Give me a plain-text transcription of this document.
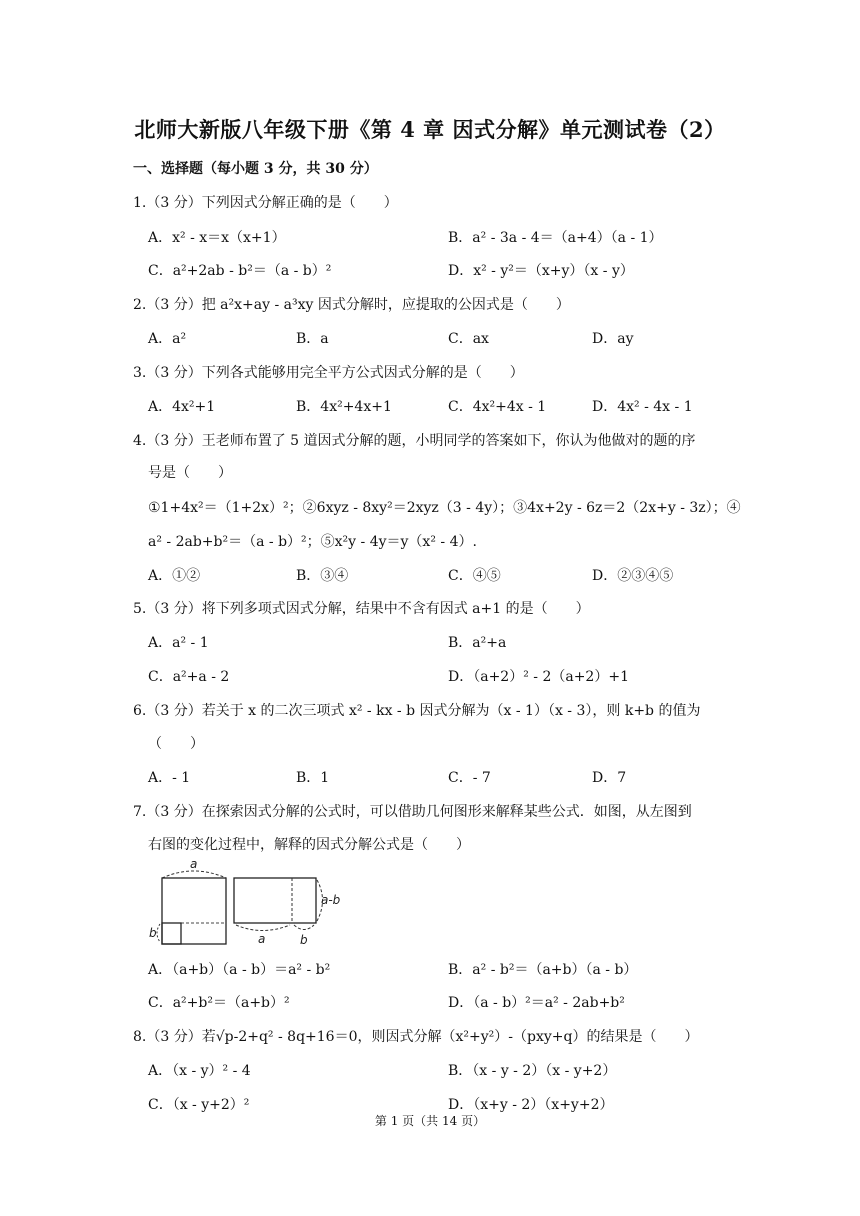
北师大新版八年级下册《第 4 章 因式分解》单元测试卷（2）
一、选择题（每小题 3 分，共 30 分）
1.（3 分）下列因式分解正确的是（　　）
A．x² - x＝x（x+1）	B．a² - 3a - 4＝（a+4）（a - 1）
C．a²+2ab - b²＝（a - b）²	D．x² - y²＝（x+y）（x - y）
2.（3 分）把 a²x+ay - a³xy 因式分解时，应提取的公因式是（　　）
A．a²	B．a	C．ax	D．ay
3.（3 分）下列各式能够用完全平方公式因式分解的是（　　）
A．4x²+1	B．4x²+4x+1	C．4x²+4x - 1	D．4x² - 4x - 1
4.（3 分）王老师布置了 5 道因式分解的题，小明同学的答案如下，你认为他做对的题的序
号是（　　）
①1+4x²＝（1+2x）²；②6xyz - 8xy²＝2xyz（3 - 4y）；③4x+2y - 6z＝2（2x+y - 3z）；④
a² - 2ab+b²＝（a - b）²；⑤x²y - 4y＝y（x² - 4）.
A．①②	B．③④	C．④⑤	D．②③④⑤
5.（3 分）将下列多项式因式分解，结果中不含有因式 a+1 的是（　　）
A．a² - 1	B．a²+a
C．a²+a - 2	D．（a+2）² - 2（a+2）+1
6.（3 分）若关于 x 的二次三项式 x² - kx - b 因式分解为（x - 1）（x - 3），则 k+b 的值为
（　　）
A．- 1	B．1	C．- 7	D．7
7.（3 分）在探索因式分解的公式时，可以借助几何图形来解释某些公式．如图，从左图到
右图的变化过程中，解释的因式分解公式是（　　）
a
b
a-b
a	b
A．（a+b）（a - b）＝a² - b²	B．a² - b²＝（a+b）（a - b）
C．a²+b²＝（a+b）²	D．（a - b）²＝a² - 2ab+b²
8.（3 分）若√p-2+q² - 8q+16＝0，则因式分解（x²+y²）-（pxy+q）的结果是（　　）
A．（x - y）² - 4	B．（x - y - 2）（x - y+2）
C．（x - y+2）²	D．（x+y - 2）（x+y+2）
第 1 页（共 14 页）
